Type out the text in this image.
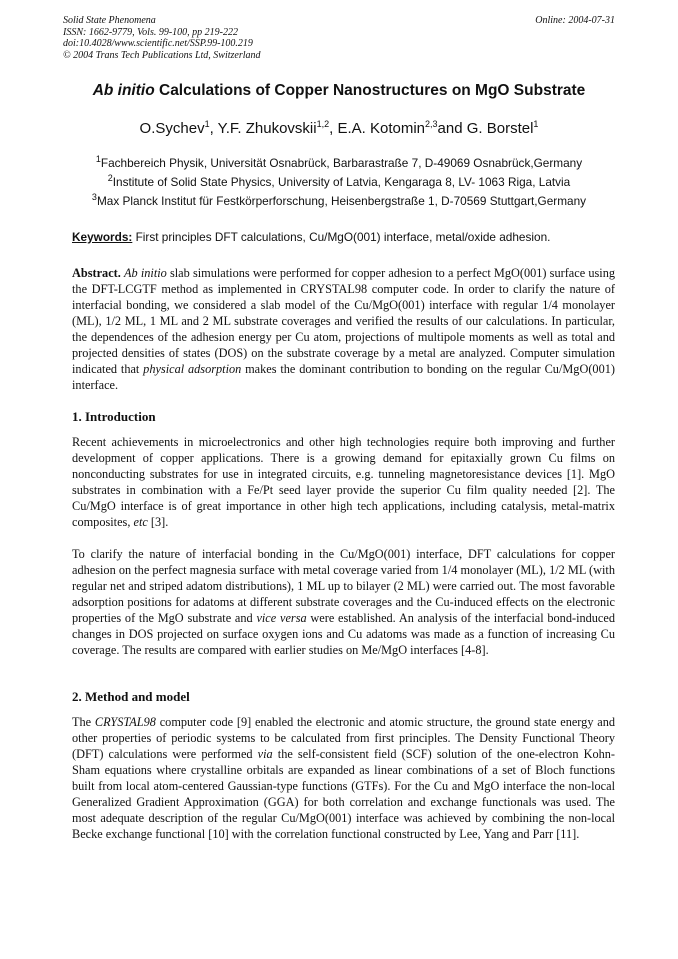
Solid State Phenomena
ISSN: 1662-9779, Vols. 99-100, pp 219-222
doi:10.4028/www.scientific.net/SSP.99-100.219
© 2004 Trans Tech Publications Ltd, Switzerland
Online: 2004-07-31
Ab initio Calculations of Copper Nanostructures on MgO Substrate
O.Sychev$^1$, Y.F. Zhukovskii$^{1,2}$, E.A. Kotomin$^{2,3}$and G. Borstel$^1$
$^1$Fachbereich Physik, Universität Osnabrück, Barbarastraße 7, D-49069 Osnabrück,Germany
$^2$Institute of Solid State Physics, University of Latvia, Kengaraga 8, LV- 1063 Riga, Latvia
$^3$Max Planck Institut für Festkörperforschung, Heisenbergstraße 1, D-70569 Stuttgart,Germany
Keywords: First principles DFT calculations, Cu/MgO(001) interface, metal/oxide adhesion.

Abstract. Ab initio slab simulations were performed for copper adhesion to a perfect MgO(001) surface using the DFT-LCGTF method as implemented in CRYSTAL98 computer code. In order to clarify the nature of interfacial bonding, we considered a slab model of the Cu/MgO(001) interface with regular 1/4 monolayer (ML), 1/2 ML, 1 ML and 2 ML substrate coverages and verified the results of our calculations. In particular, the dependences of the adhesion energy per Cu atom, projections of multipole moments as well as total and projected densities of states (DOS) on the substrate coverage by a metal are analyzed. Computer simulation indicated that physical adsorption makes the dominant contribution to bonding on the regular Cu/MgO(001) interface.

1. Introduction

Recent achievements in microelectronics and other high technologies require both improving and further development of copper applications. There is a growing demand for epitaxially grown Cu films on nonconducting substrates for use in integrated circuits, e.g. tunneling magnetoresistance devices [1]. MgO substrates in combination with a Fe/Pt seed layer provide the superior Cu film quality needed [2]. The Cu/MgO interface is of great importance in other high tech applications, including catalysis, metal-matrix composites, etc [3].

To clarify the nature of interfacial bonding in the Cu/MgO(001) interface, DFT calculations for copper adhesion on the perfect magnesia surface with metal coverage varied from 1/4 monolayer (ML), 1/2 ML (with regular net and striped adatom distributions), 1 ML up to bilayer (2 ML) were carried out. The most favorable adsorption positions for adatoms at different substrate coverages and the Cu-induced effects on the electronic properties of the MgO substrate and vice versa were established. An analysis of the interfacial bond-induced changes in DOS projected on surface oxygen ions and Cu adatoms was made as a function of increasing Cu coverage. The results are compared with earlier studies on Me/MgO interfaces [4-8].

2. Method and model

The CRYSTAL98 computer code [9] enabled the electronic and atomic structure, the ground state energy and other properties of periodic systems to be calculated from first principles. The Density Functional Theory (DFT) calculations were performed via the self-consistent field (SCF) solution of the one-electron Kohn-Sham equations where crystalline orbitals are expanded as linear combinations of a set of Bloch functions built from local atom-centered Gaussian-type functions (GTFs). For the Cu and MgO interface the non-local Generalized Gradient Approximation (GGA) for both correlation and exchange functionals was used. The most adequate description of the regular Cu/MgO(001) interface was achieved by combining the non-local Becke exchange functional [10] with the correlation functional constructed by Lee, Yang and Parr [11].
